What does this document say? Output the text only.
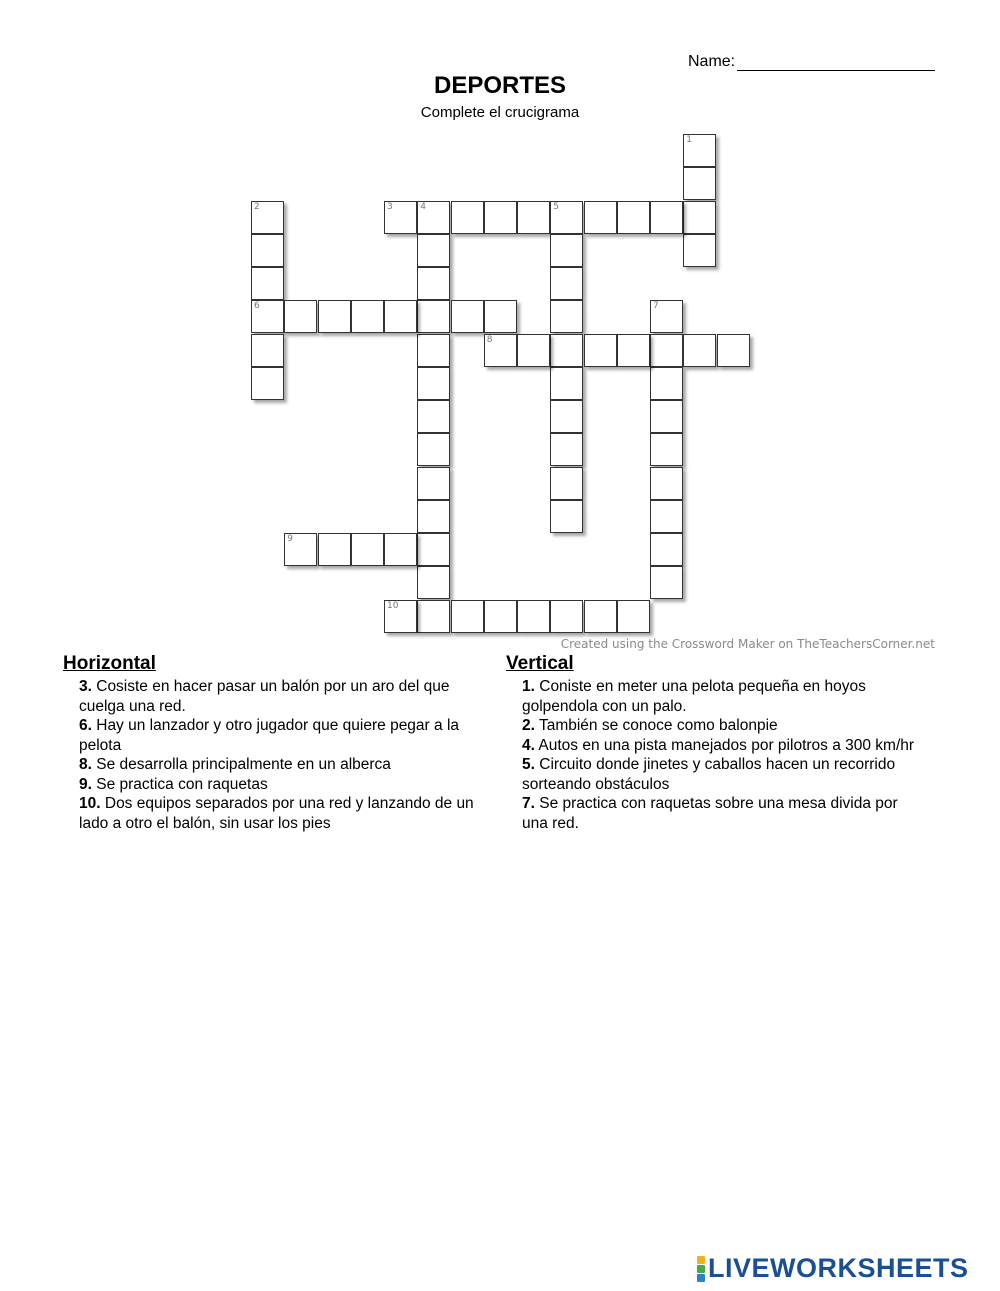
Name:
DEPORTES
Complete el crucigrama
1
2
6
3	4	5
7
8
9
10
Created using the Crossword Maker on TheTeachersCorner.net
Horizontal
3. Cosiste en hacer pasar un balón por un aro del que cuelga una red.
6. Hay un lanzador y otro jugador que quiere pegar a la pelota
8. Se desarrolla principalmente en un alberca
9. Se practica con raquetas
10. Dos equipos separados por una red y lanzando de un lado a otro el balón, sin usar los pies
Vertical
1. Coniste en meter una pelota pequeña en hoyos golpendola con un palo.
2. También se conoce como balonpie
4. Autos en una pista manejados por pilotros a 300 km/hr
5. Circuito donde jinetes y caballos hacen un recorrido sorteando obstáculos
7. Se practica con raquetas sobre una mesa divida por una red.
LIVEWORKSHEETS
